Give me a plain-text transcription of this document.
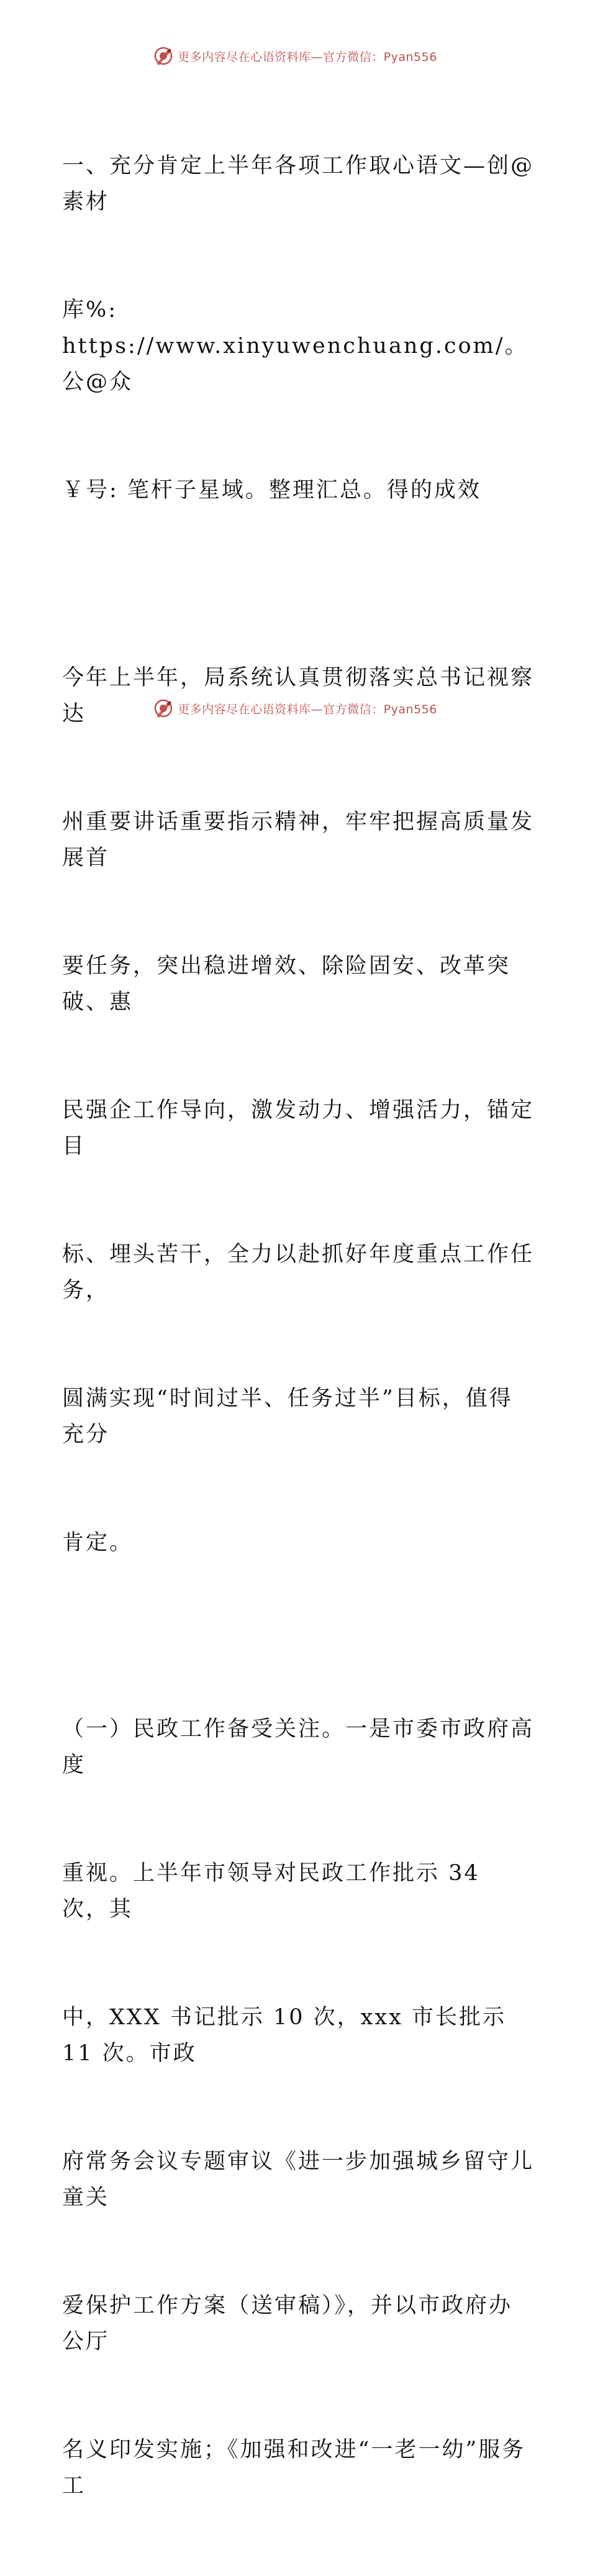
更多内容尽在心语资料库—官方微信：Pyan556

一、充分肯定上半年各项工作取心语文—创@素材

库%: https://www.xinyuwenchuang.com/。公@众

￥号: 笔杆子星域。整理汇总。得的成效

今年上半年，局系统认真贯彻落实总书记视察达

州重要讲话重要指示精神，牢牢把握高质量发展首

要任务，突出稳进增效、除险固安、改革突破、惠

民强企工作导向，激发动力、增强活力，锚定目

标、埋头苦干，全力以赴抓好年度重点工作任务，

圆满实现“时间过半、任务过半”目标，值得充分

肯定。

（一）民政工作备受关注。一是市委市政府高度

重视。上半年市领导对民政工作批示 34 次，其

中，XXX 书记批示 10 次，xxx 市长批示 11 次。市政

府常务会议专题审议《进一步加强城乡留守儿童关

爱保护工作方案（送审稿）》，并以市政府办公厅

名义印发实施；《加强和改进“一老一幼”服务工

更多内容尽在心语资料库—官方微信：Pyan556
